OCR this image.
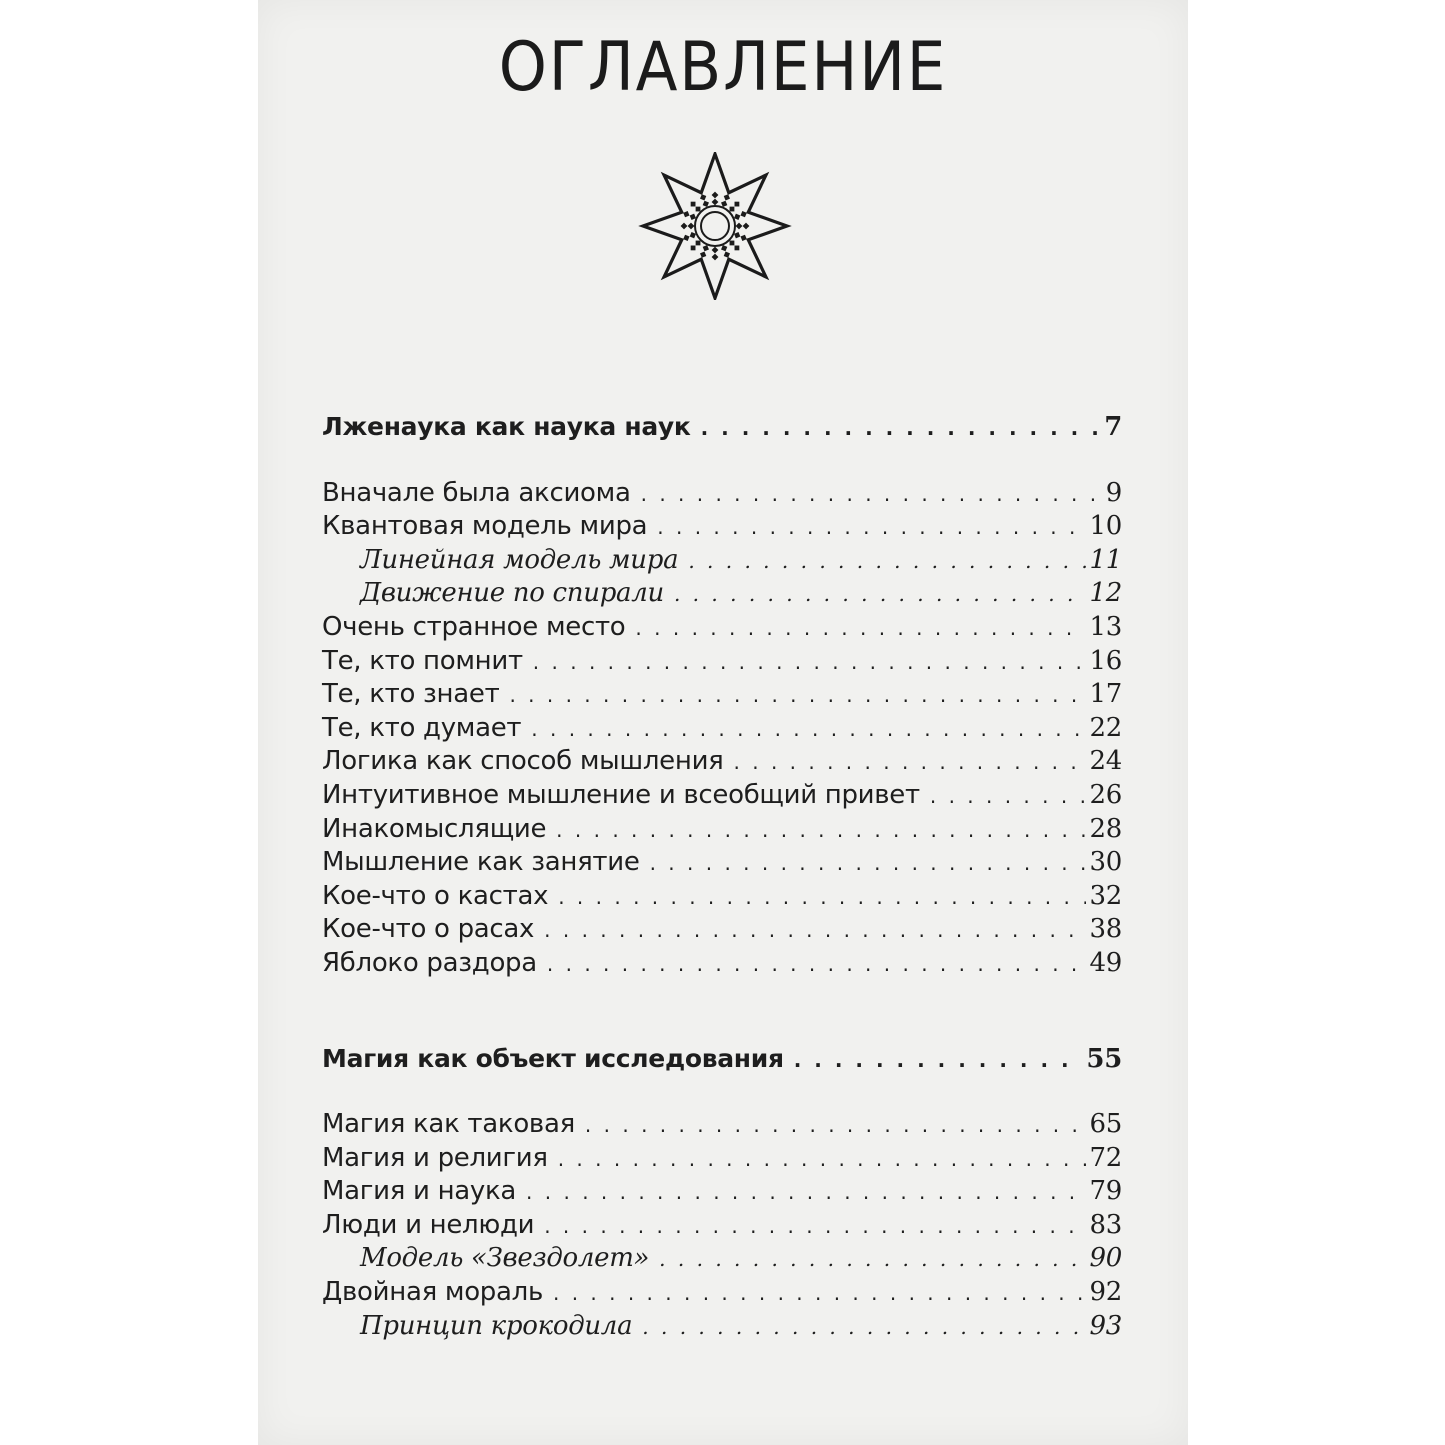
ОГЛАВЛЕНИЕ
Лженаука как наука наук . . .	7
Вначале была аксиома . . .	9
Квантовая модель мира . . .	10
Линейная модель мира . . .	11
Движение по спирали . . .	12
Очень странное место . . .	13
Те, кто помнит . . .	16
Те, кто знает . . .	17
Те, кто думает . . .	22
Логика как способ мышления . . .	24
Интуитивное мышление и всеобщий привет . . .	26
Инакомыслящие . . .	28
Мышление как занятие . . .	30
Кое-что о кастах . . .	32
Кое-что о расах . . .	38
Яблоко раздора . . .	49
Магия как объект исследования . . .	55
Магия как таковая . . .	65
Магия и религия . . .	72
Магия и наука . . .	79
Люди и нелюди . . .	83
Модель «Звездолет» . . .	90
Двойная мораль . . .	92
Принцип крокодила . . .	93
